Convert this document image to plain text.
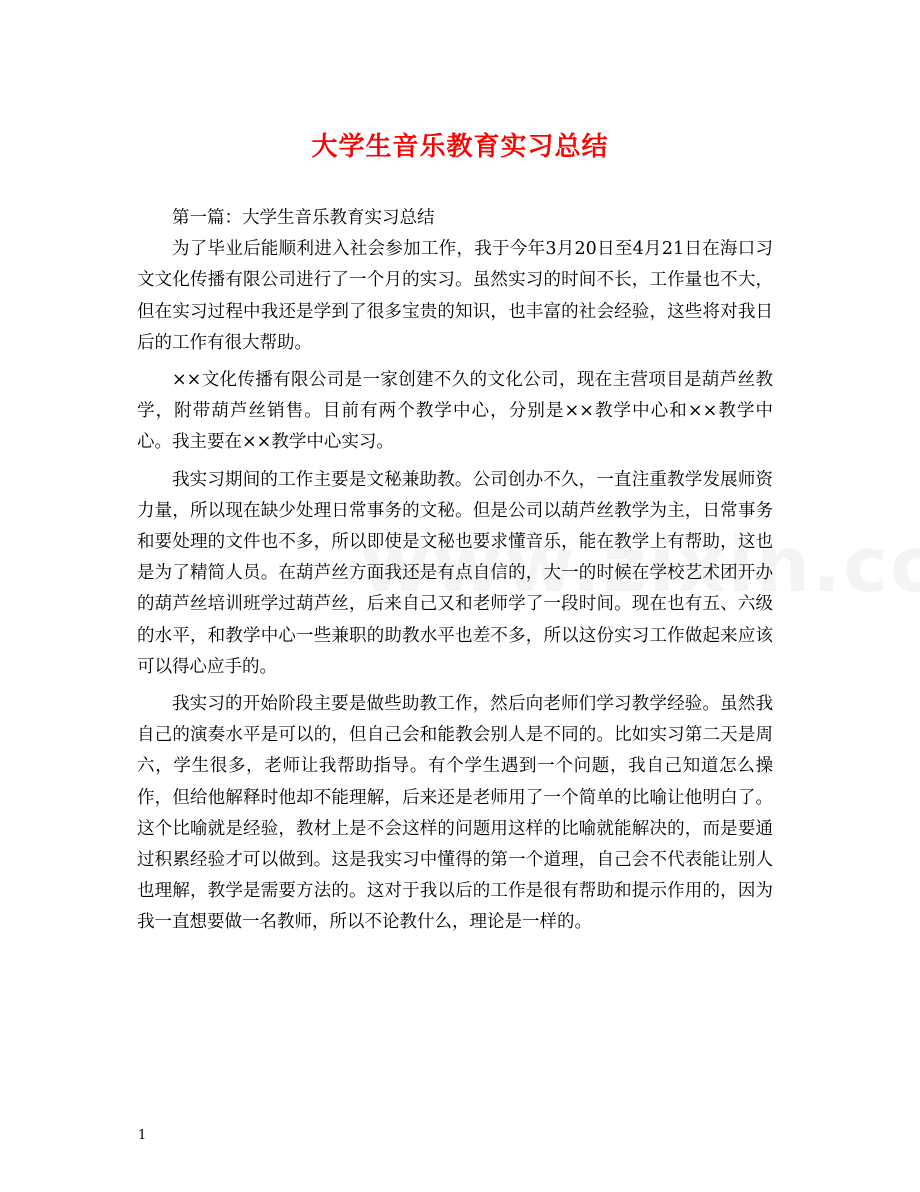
大学生音乐教育实习总结

第一篇：大学生音乐教育实习总结

为了毕业后能顺利进入社会参加工作，我于今年3月20日至4月21日在海口习文文化传播有限公司进行了一个月的实习。虽然实习的时间不长，工作量也不大，但在实习过程中我还是学到了很多宝贵的知识，也丰富的社会经验，这些将对我日后的工作有很大帮助。

××文化传播有限公司是一家创建不久的文化公司，现在主营项目是葫芦丝教学，附带葫芦丝销售。目前有两个教学中心，分别是××教学中心和××教学中心。我主要在××教学中心实习。

我实习期间的工作主要是文秘兼助教。公司创办不久，一直注重教学发展师资力量，所以现在缺少处理日常事务的文秘。但是公司以葫芦丝教学为主，日常事务和要处理的文件也不多，所以即使是文秘也要求懂音乐，能在教学上有帮助，这也是为了精简人员。在葫芦丝方面我还是有点自信的，大一的时候在学校艺术团开办的葫芦丝培训班学过葫芦丝，后来自己又和老师学了一段时间。现在也有五、六级的水平，和教学中心一些兼职的助教水平也差不多，所以这份实习工作做起来应该可以得心应手的。

我实习的开始阶段主要是做些助教工作，然后向老师们学习教学经验。虽然我自己的演奏水平是可以的，但自己会和能教会别人是不同的。比如实习第二天是周六，学生很多，老师让我帮助指导。有个学生遇到一个问题，我自己知道怎么操作，但给他解释时他却不能理解，后来还是老师用了一个简单的比喻让他明白了。这个比喻就是经验，教材上是不会这样的问题用这样的比喻就能解决的，而是要通过积累经验才可以做到。这是我实习中懂得的第一个道理，自己会不代表能让别人也理解，教学是需要方法的。这对于我以后的工作是很有帮助和提示作用的，因为我一直想要做一名教师，所以不论教什么，理论是一样的。

1
